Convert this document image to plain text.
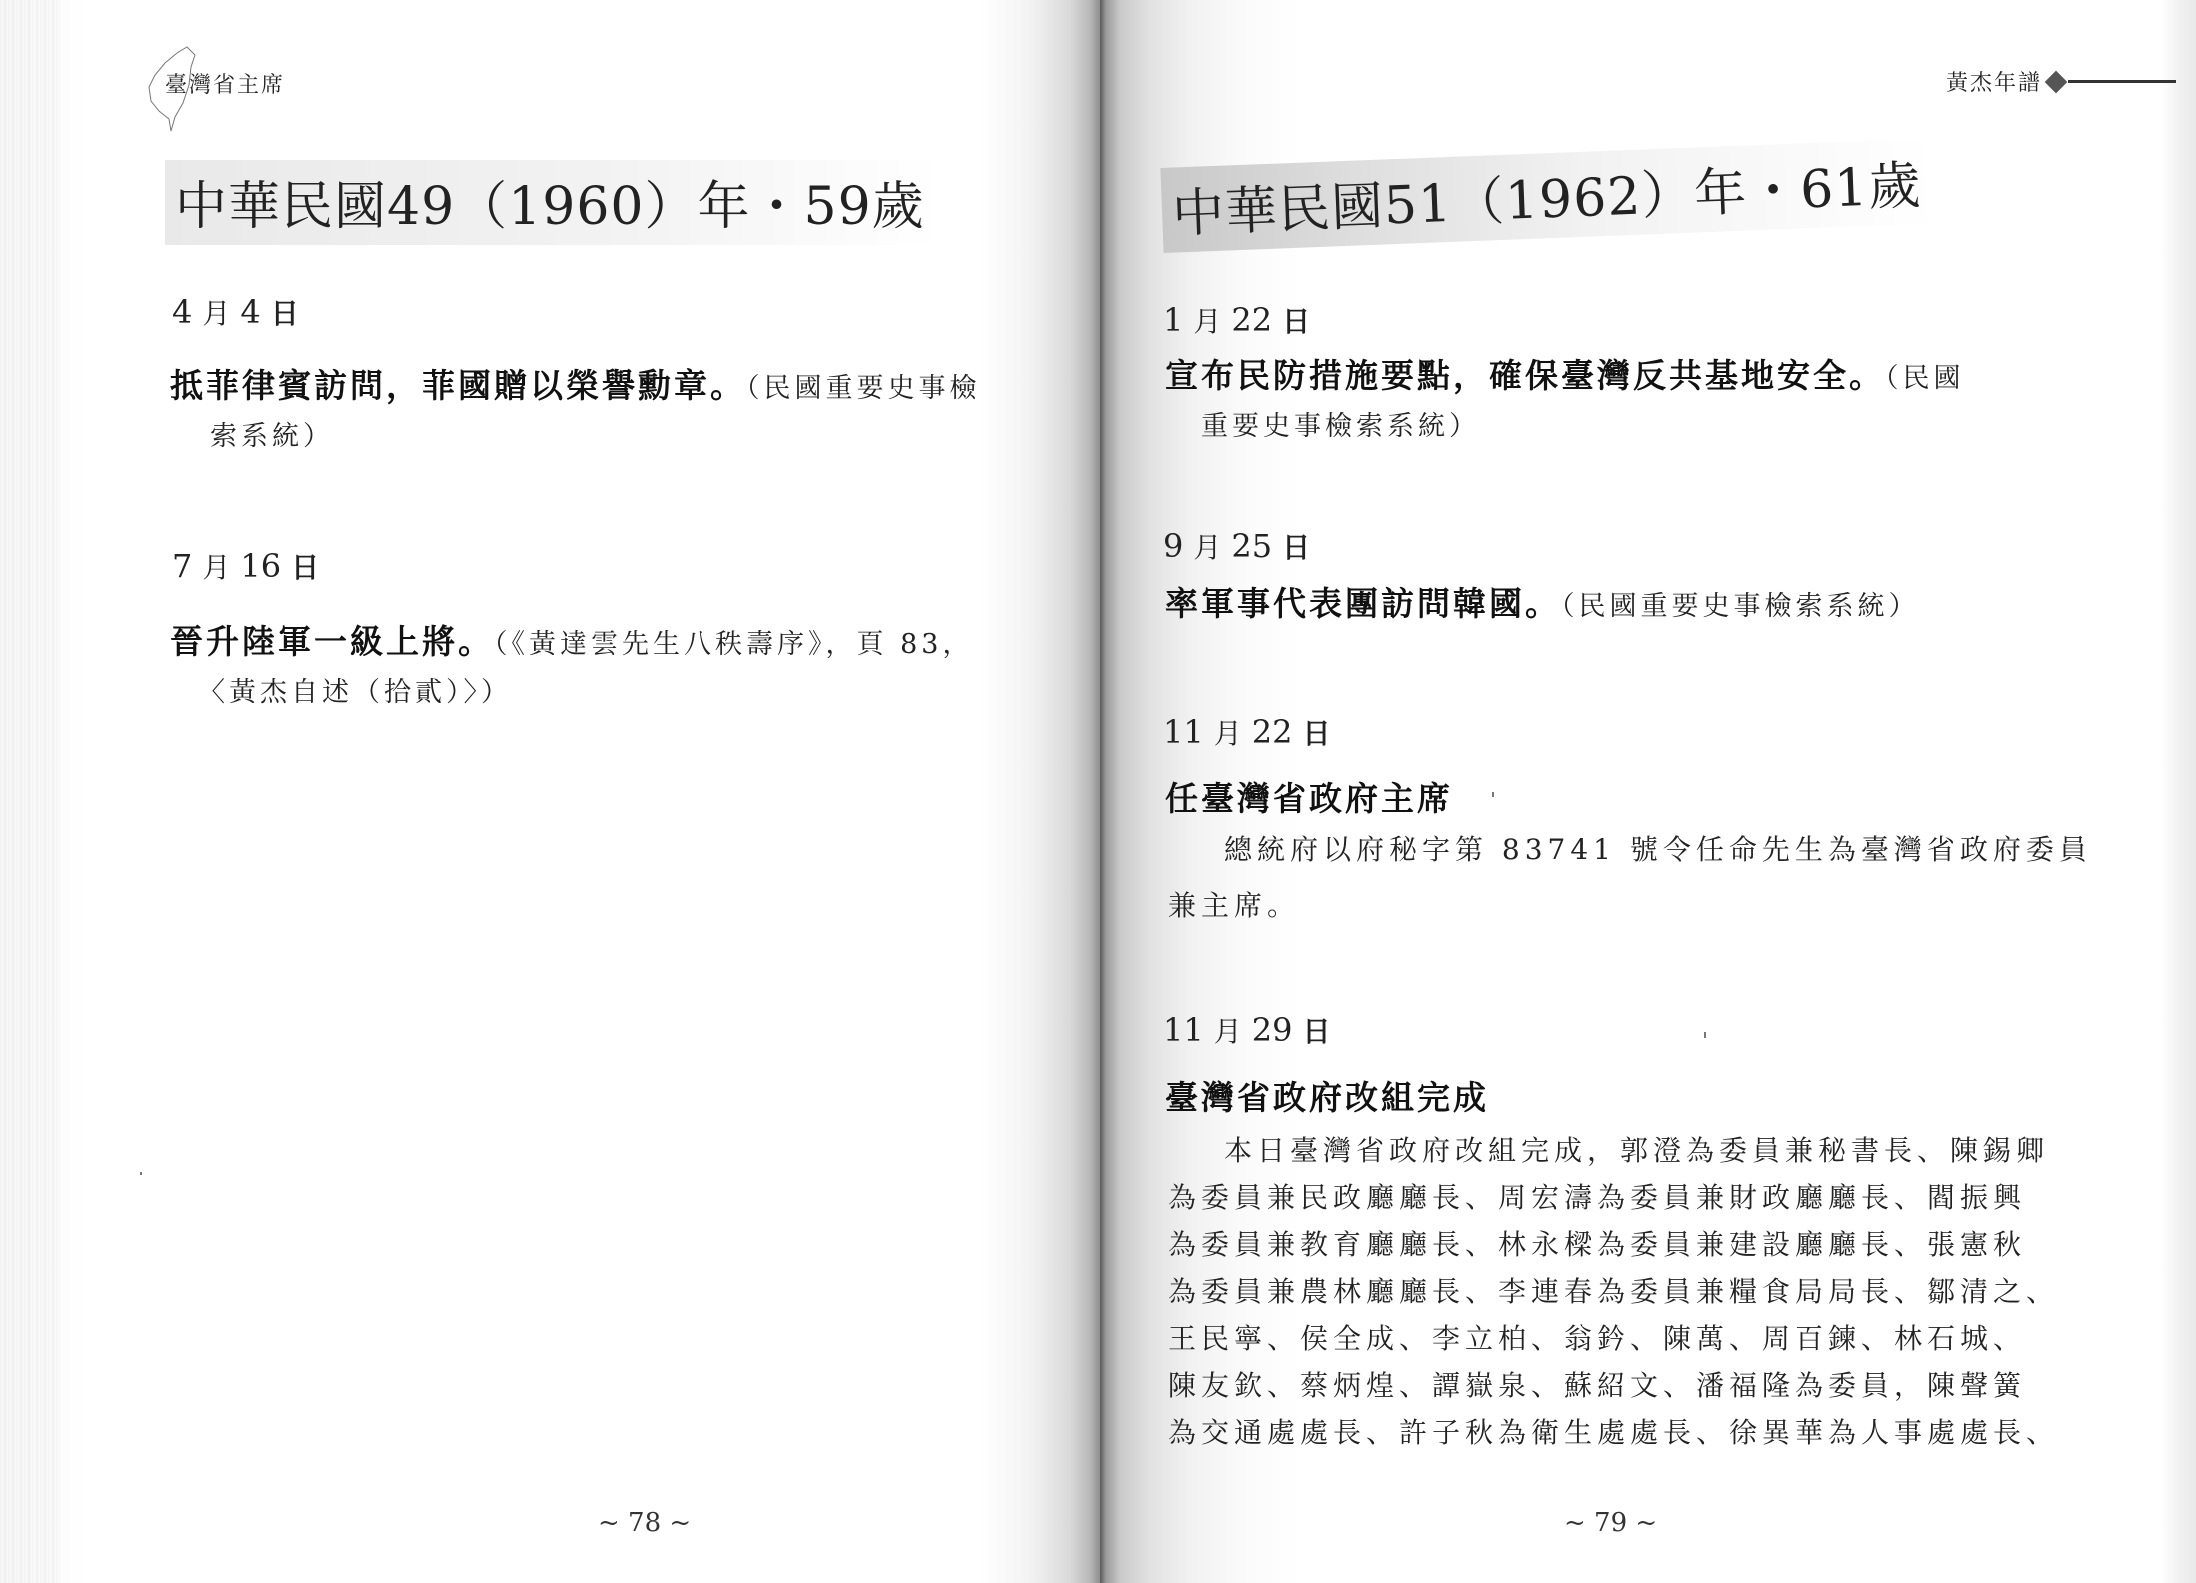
臺灣省主席
中華民國49（1960）年・59歲
4 月 4 日
抵菲律賓訪問，菲國贈以榮譽勳章。（民國重要史事檢
索系統）
7 月 16 日
晉升陸軍一級上將。（《黃達雲先生八秩壽序》，頁 83，
〈黃杰自述（拾貳）〉）
~ 78 ~
黃杰年譜
中華民國51（1962）年・61歲
1 月 22 日
宣布民防措施要點，確保臺灣反共基地安全。（民國
重要史事檢索系統）
9 月 25 日
率軍事代表團訪問韓國。（民國重要史事檢索系統）
11 月 22 日
任臺灣省政府主席
總統府以府秘字第 83741 號令任命先生為臺灣省政府委員
兼主席。
11 月 29 日
臺灣省政府改組完成
本日臺灣省政府改組完成，郭澄為委員兼秘書長、陳錫卿
為委員兼民政廳廳長、周宏濤為委員兼財政廳廳長、閻振興
為委員兼教育廳廳長、林永樑為委員兼建設廳廳長、張憲秋
為委員兼農林廳廳長、李連春為委員兼糧食局局長、鄒清之、
王民寧、侯全成、李立柏、翁鈐、陳萬、周百鍊、林石城、
陳友欽、蔡炳煌、譚嶽泉、蘇紹文、潘福隆為委員，陳聲簧
為交通處處長、許子秋為衛生處處長、徐異華為人事處處長、
~ 79 ~
